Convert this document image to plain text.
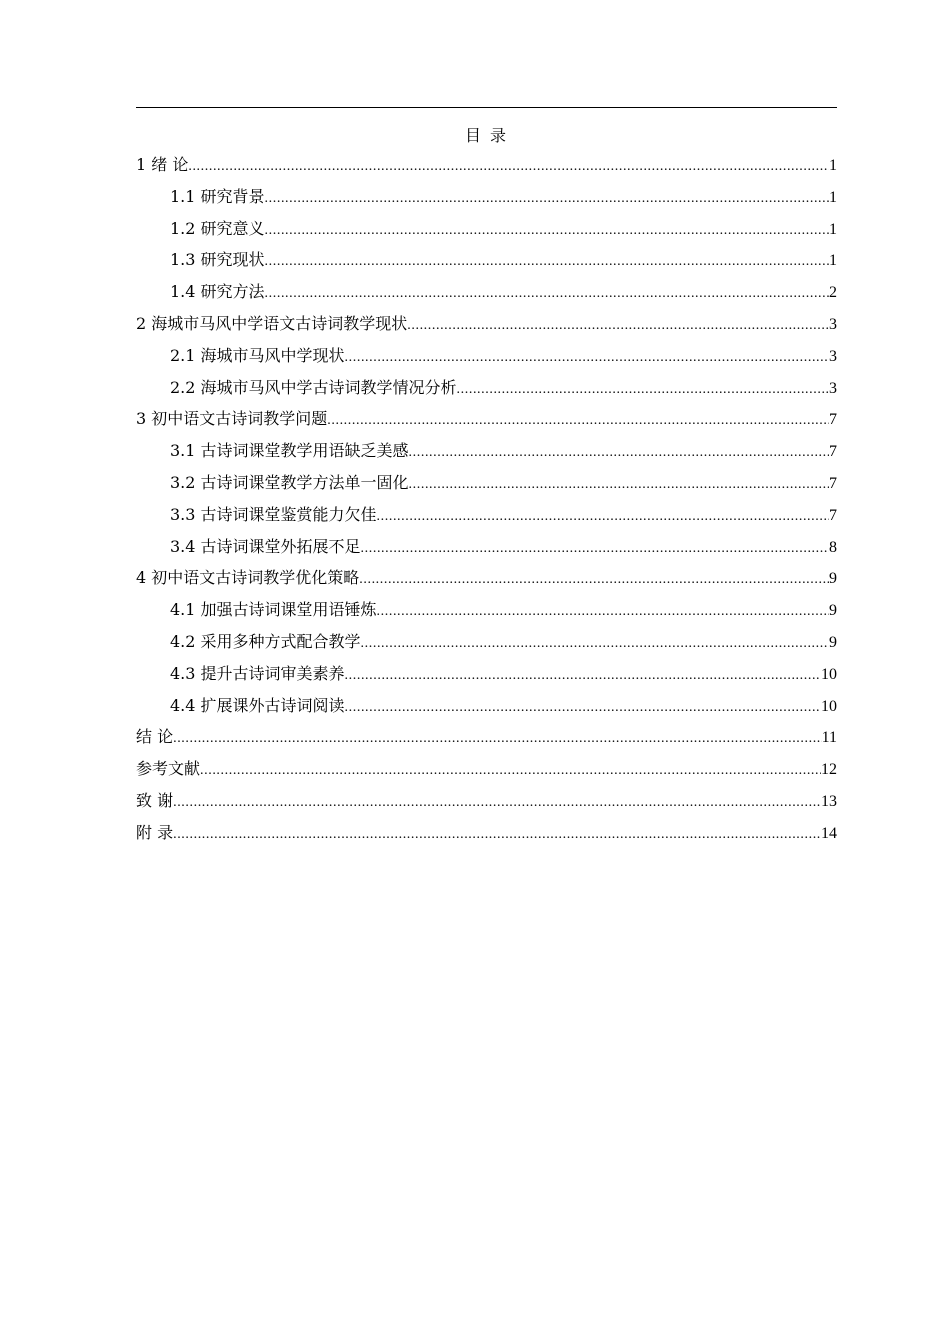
目 录
1 绪 论 .....	1
1.1 研究背景 .....	1
1.2 研究意义 .....	1
1.3 研究现状 .....	1
1.4 研究方法 .....	2
2 海城市马风中学语文古诗词教学现状 .....	3
2.1 海城市马风中学现状 .....	3
2.2 海城市马风中学古诗词教学情况分析 .....	3
3 初中语文古诗词教学问题 .....	7
3.1 古诗词课堂教学用语缺乏美感 .....	7
3.2 古诗词课堂教学方法单一固化 .....	7
3.3 古诗词课堂鉴赏能力欠佳 .....	7
3.4 古诗词课堂外拓展不足 .....	8
4 初中语文古诗词教学优化策略 .....	9
4.1 加强古诗词课堂用语锤炼 .....	9
4.2 采用多种方式配合教学 .....	9
4.3 提升古诗词审美素养 .....	10
4.4 扩展课外古诗词阅读 .....	10
结 论 .....	11
参考文献 .....	12
致 谢 .....	13
附 录 .....	14
